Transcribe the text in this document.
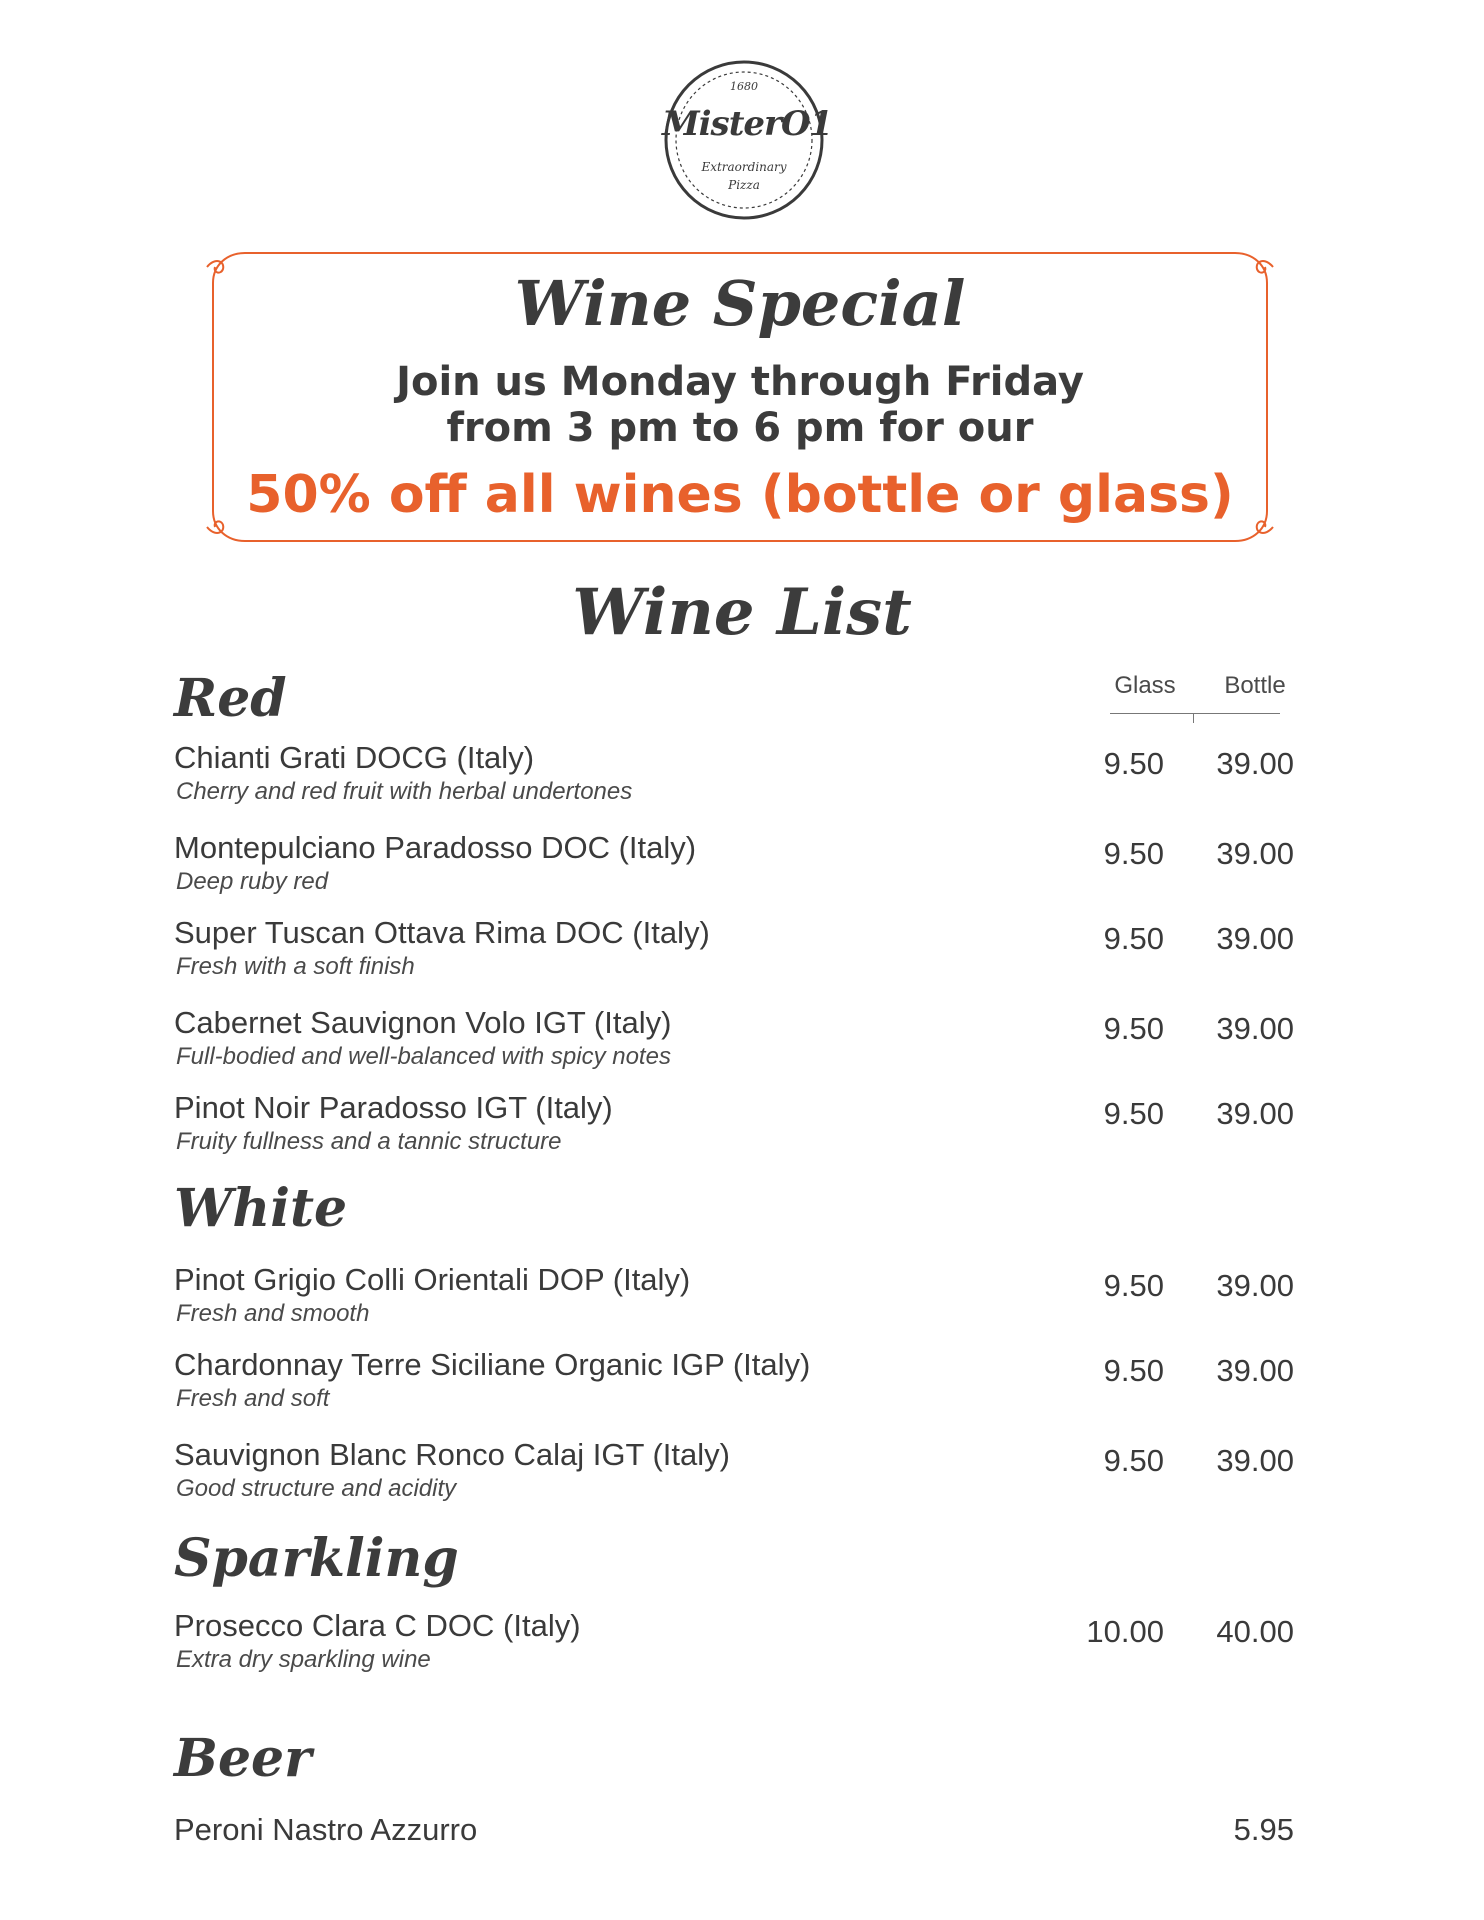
1680
MisterO1
Extraordinary
Pizza
Wine Special
Join us Monday through Friday
from 3 pm to 6 pm for our
50% off all wines (bottle or glass)
Wine List
Red	Glass	Bottle
Chianti Grati DOCG (Italy)
Cherry and red fruit with herbal undertones
9.50	39.00
Montepulciano Paradosso DOC (Italy)
Deep ruby red
9.50	39.00
Super Tuscan Ottava Rima DOC (Italy)
Fresh with a soft finish
9.50	39.00
Cabernet Sauvignon Volo IGT (Italy)
Full-bodied and well-balanced with spicy notes
9.50	39.00
Pinot Noir Paradosso IGT (Italy)
Fruity fullness and a tannic structure
9.50	39.00
White
Pinot Grigio Colli Orientali DOP (Italy)
Fresh and smooth
9.50	39.00
Chardonnay Terre Siciliane Organic IGP (Italy)
Fresh and soft
9.50	39.00
Sauvignon Blanc Ronco Calaj IGT (Italy)
Good structure and acidity
9.50	39.00
Sparkling
Prosecco Clara C DOC (Italy)
Extra dry sparkling wine
10.00	40.00
Beer
Peroni Nastro Azzurro	5.95
